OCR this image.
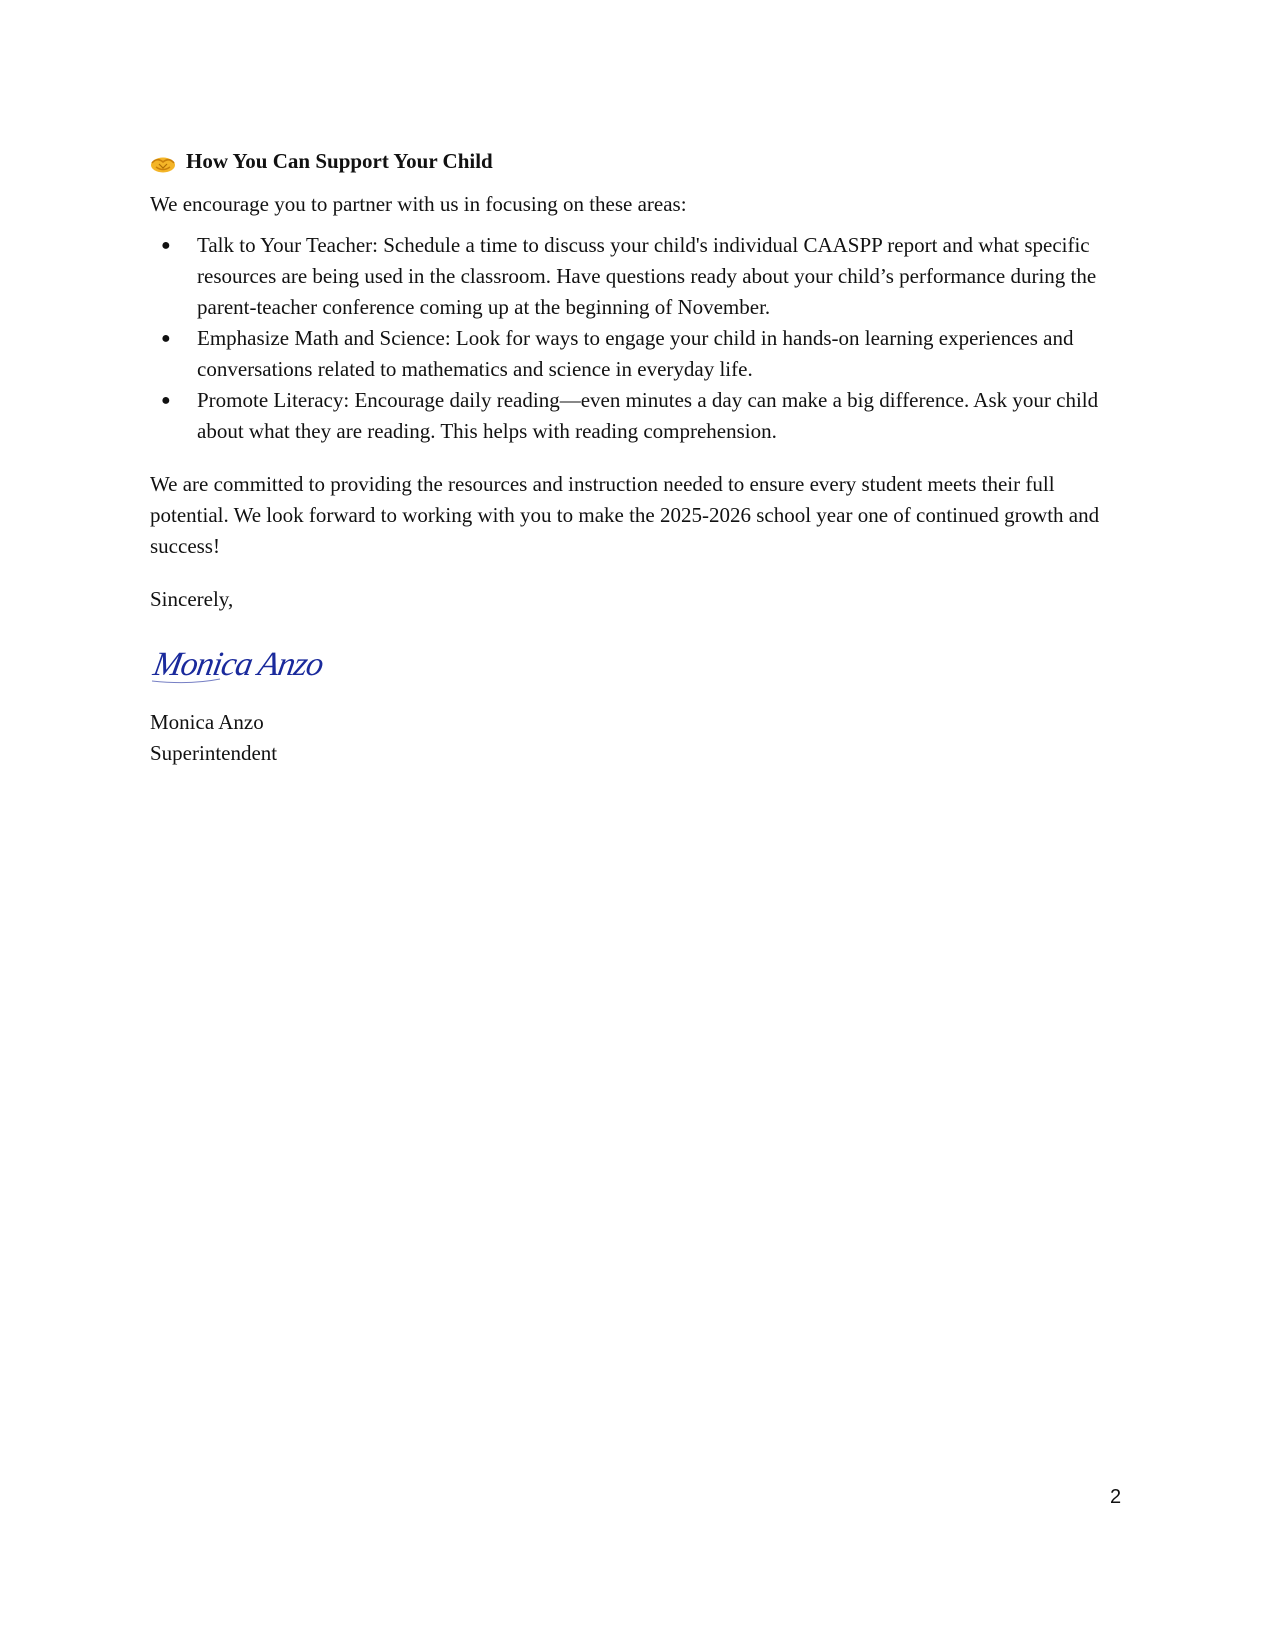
How You Can Support Your Child

We encourage you to partner with us in focusing on these areas:

● Talk to Your Teacher: Schedule a time to discuss your child's individual CAASPP report and what specific resources are being used in the classroom. Have questions ready about your child’s performance during the parent-teacher conference coming up at the beginning of November.
● Emphasize Math and Science: Look for ways to engage your child in hands-on learning experiences and conversations related to mathematics and science in everyday life.
● Promote Literacy: Encourage daily reading—even minutes a day can make a big difference. Ask your child about what they are reading. This helps with reading comprehension.

We are committed to providing the resources and instruction needed to ensure every student meets their full potential. We look forward to working with you to make the 2025-2026 school year one of continued growth and success!

Sincerely,

Monica Anzo

Monica Anzo

Superintendent

2
